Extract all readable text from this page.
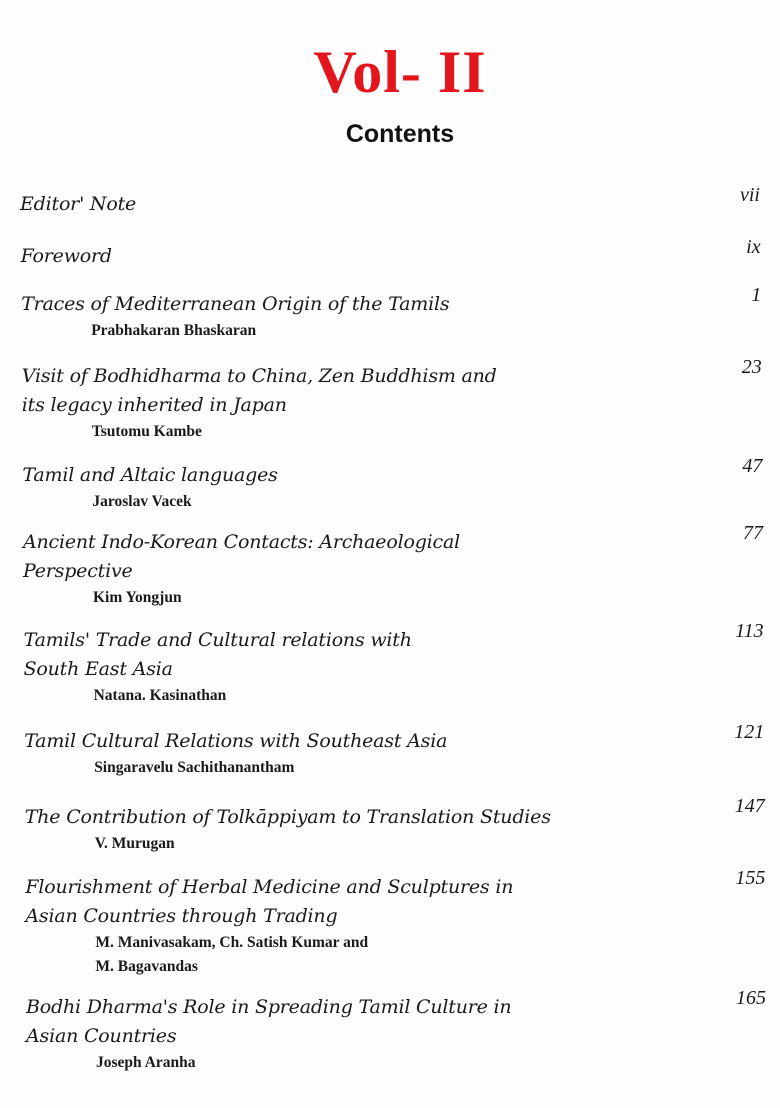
Vol- II
Contents
Editor' Note	vii
Foreword	ix
Traces of Mediterranean Origin of the Tamils
Prabhakaran Bhaskaran
1
Visit of Bodhidharma to China, Zen Buddhism and
its legacy inherited in Japan
Tsutomu Kambe
23
Tamil and Altaic languages
Jaroslav Vacek
47
Ancient Indo-Korean Contacts: Archaeological
Perspective
Kim Yongjun
77
Tamils' Trade and Cultural relations with
South East Asia
Natana. Kasinathan
113
Tamil Cultural Relations with Southeast Asia
Singaravelu Sachithanantham
121
The Contribution of Tolkāppiyam to Translation Studies
V. Murugan
147
Flourishment of Herbal Medicine and Sculptures in
Asian Countries through Trading
M. Manivasakam, Ch. Satish Kumar and
M. Bagavandas
155
Bodhi Dharma's Role in Spreading Tamil Culture in
Asian Countries
Joseph Aranha
165
